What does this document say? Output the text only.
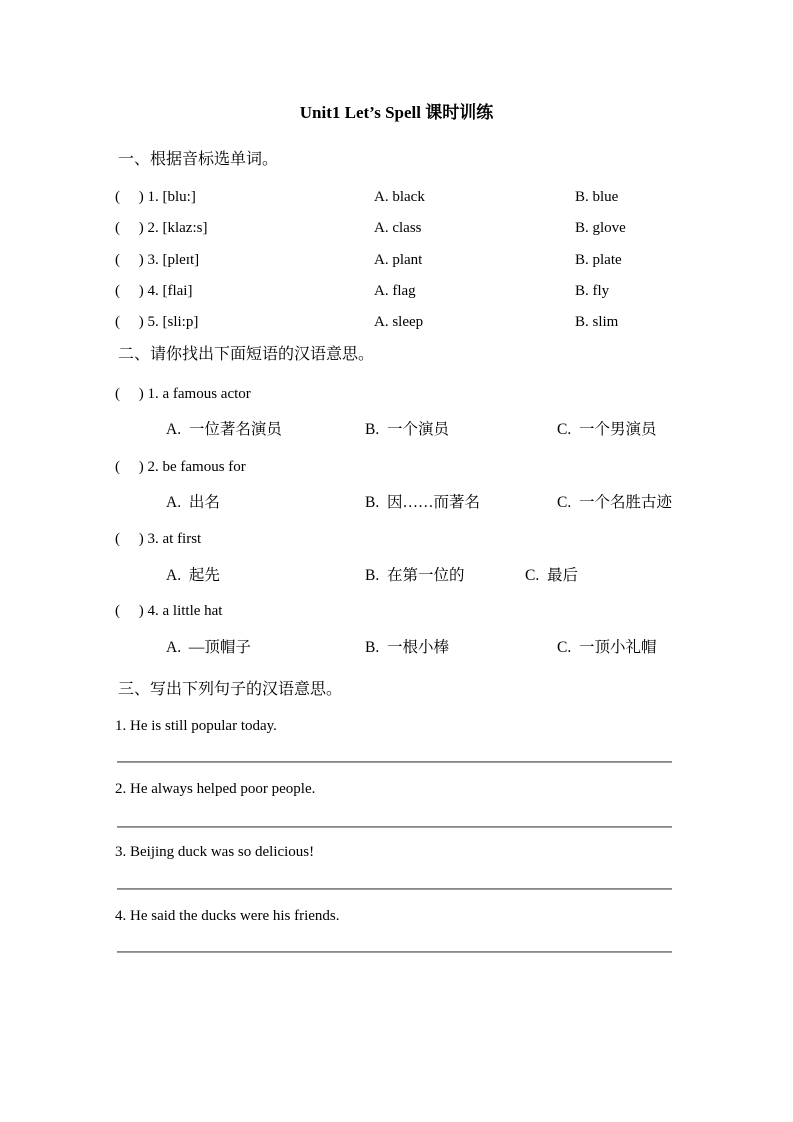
Unit1 Let’s Spell 课时训练
一、根据音标选单词。
(　 ) 1. [blu:]	A. black	B. blue
(　 ) 2. [klaz:s]	A. class	B. glove
(　 ) 3. [pleɪt]	A. plant	B. plate
(　 ) 4. [flai]	A. flag	B. fly
(　 ) 5. [sli:p]	A. sleep	B. slim
二、请你找出下面短语的汉语意思。
(　 ) 1. a famous actor
A.  一位著名演员	B.  一个演员	C.  一个男演员
(　 ) 2. be famous for
A.  出名	B.  因……而著名	C.  一个名胜古迹
(　 ) 3. at first
A.  起先	B.  在第一位的	C.  最后
(　 ) 4. a little hat
A.  —顶帽子	B.  一根小棒	C.  一顶小礼帽
三、写出下列句子的汉语意思。
1. He is still popular today.
2. He always helped poor people.
3. Beijing duck was so delicious!
4. He said the ducks were his friends.
